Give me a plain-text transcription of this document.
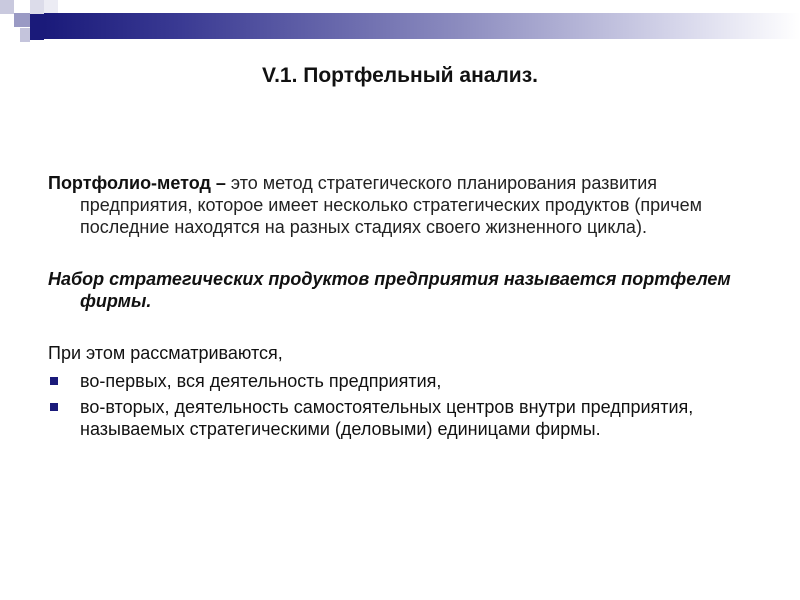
V.1. Портфельный анализ.

Портфолио-метод – это метод стратегического планирования развития предприятия, которое имеет несколько стратегических продуктов (причем последние находятся на разных стадиях своего жизненного цикла).

Набор стратегических продуктов предприятия называется портфелем фирмы.

При этом рассматриваются,

во-первых, вся деятельность предприятия,
во-вторых, деятельность самостоятельных центров внутри предприятия, называемых стратегическими (деловыми) единицами фирмы.
